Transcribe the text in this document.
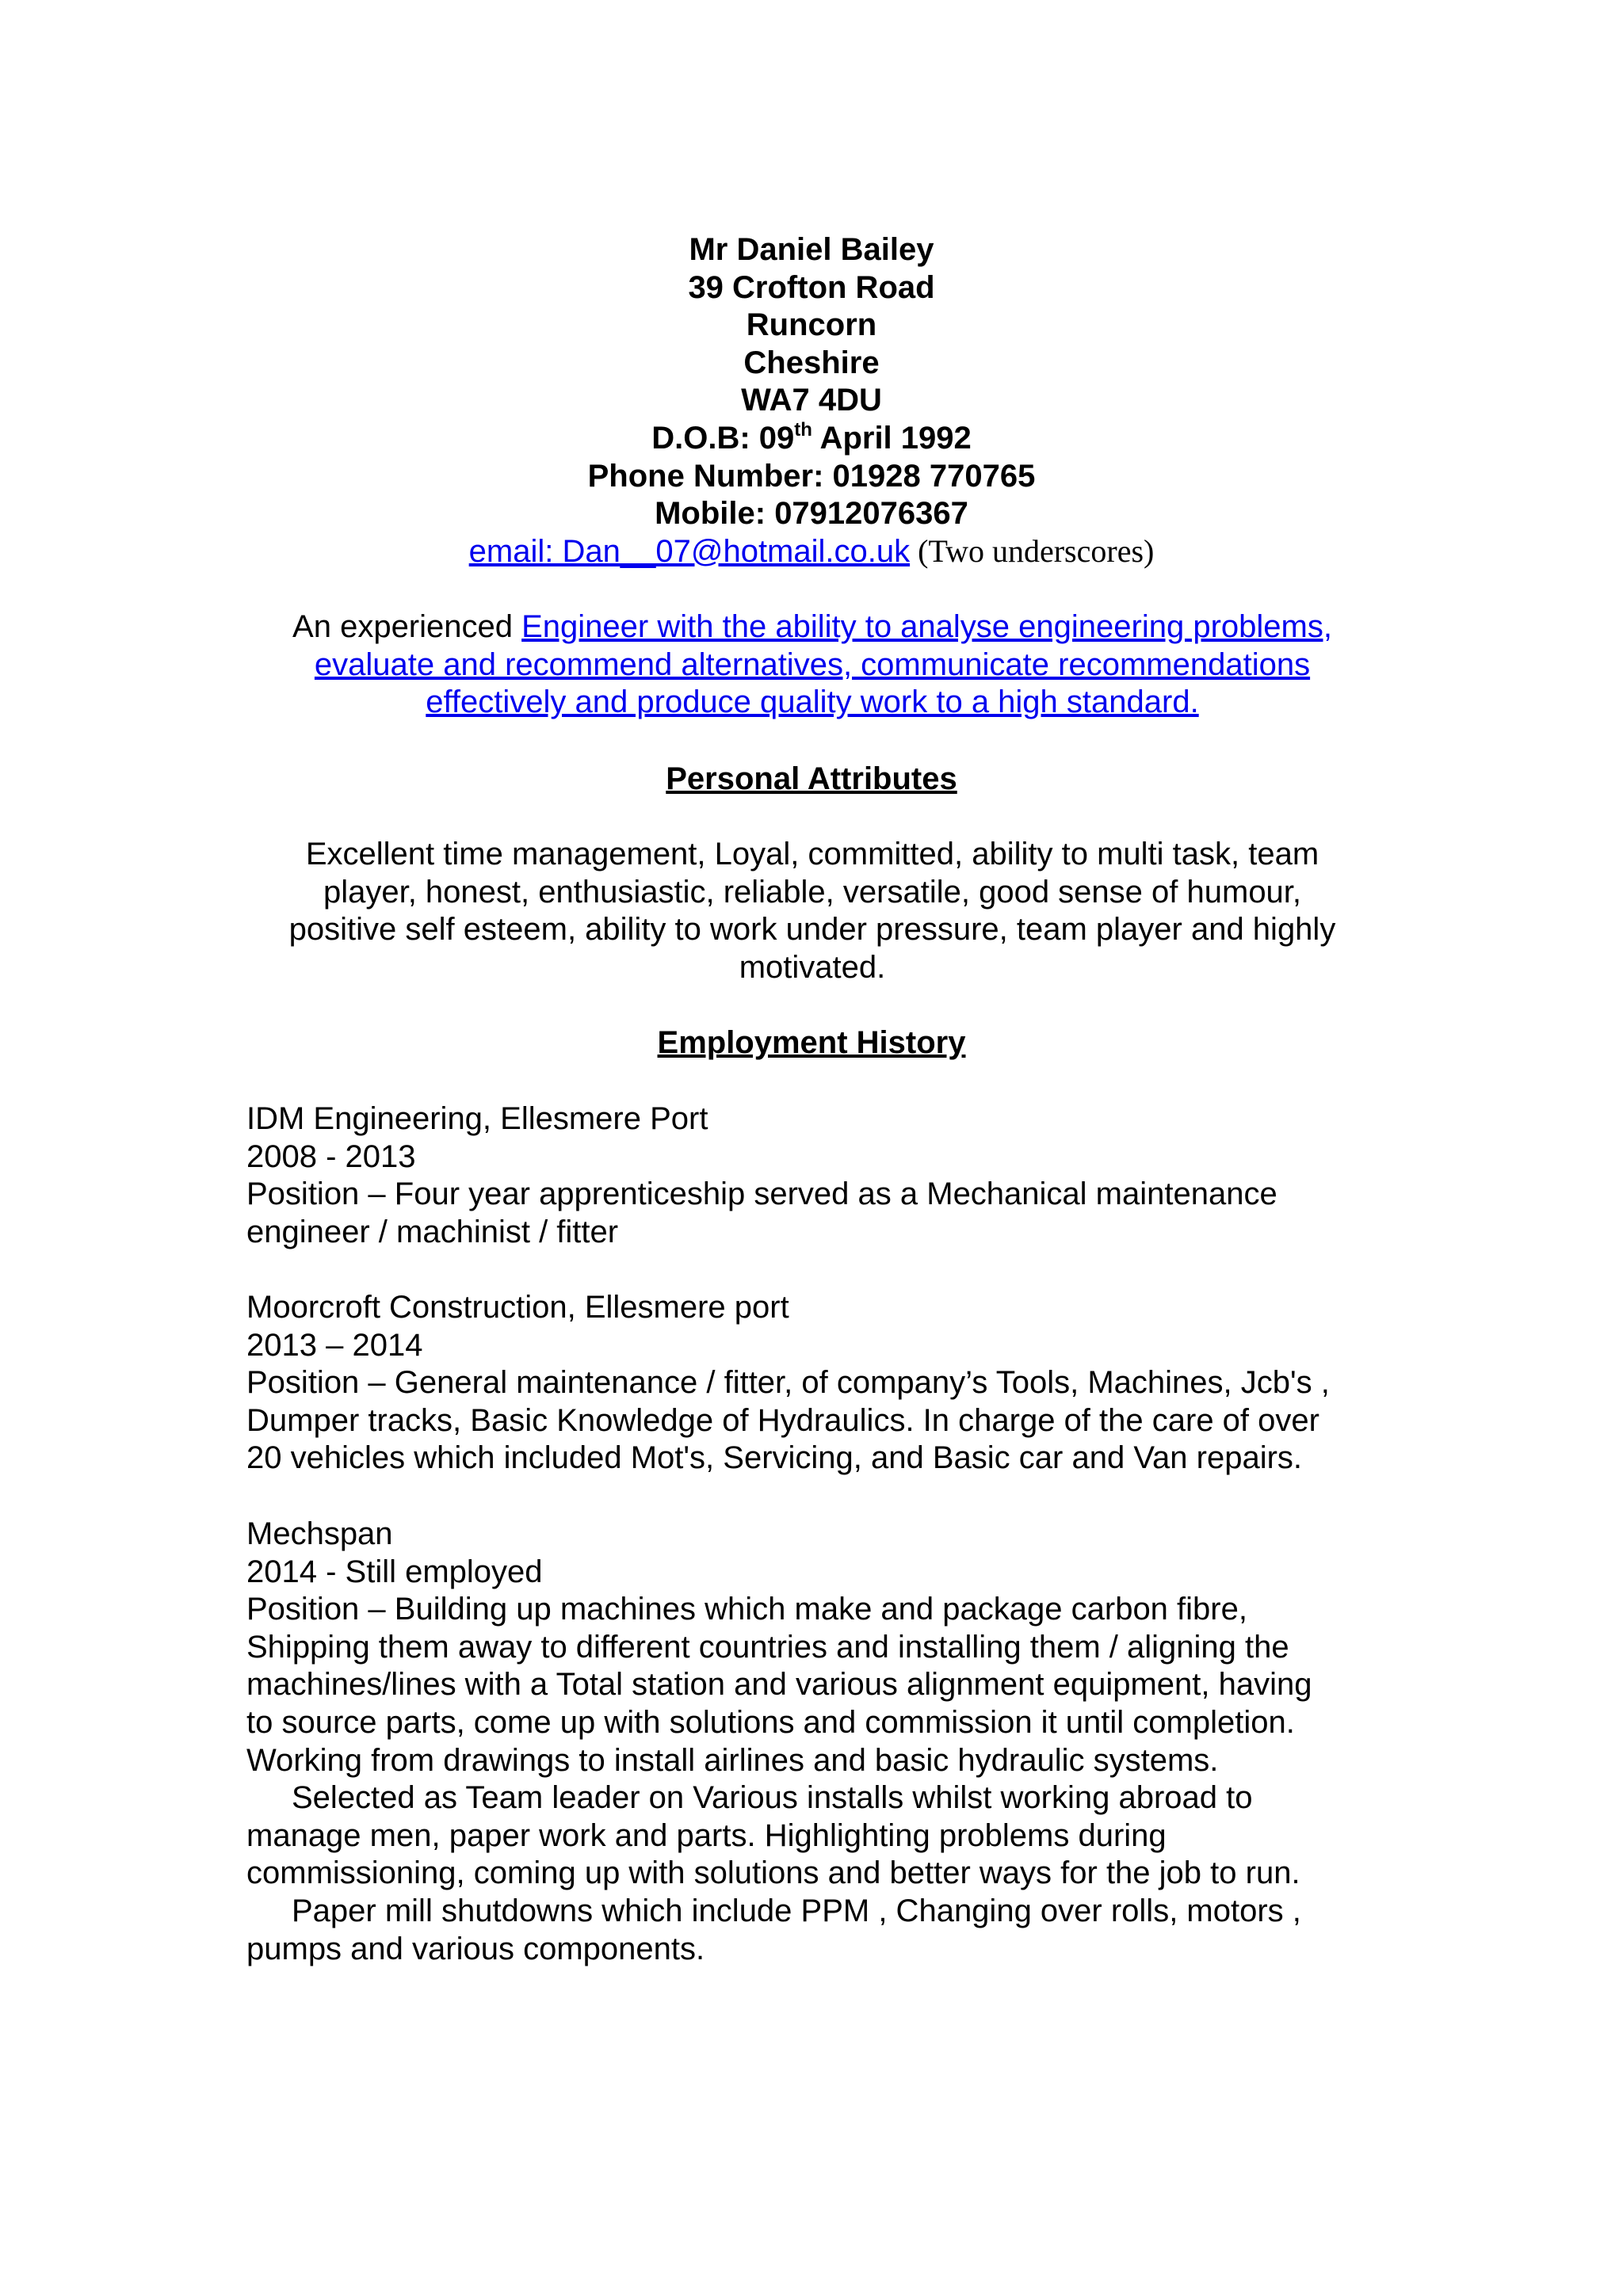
Mr Daniel Bailey
39 Crofton Road
Runcorn
Cheshire
WA7 4DU
D.O.B: 09th April 1992
Phone Number: 01928 770765
Mobile: 07912076367
email: Dan__07@hotmail.co.uk (Two underscores)
An experienced Engineer with the ability to analyse engineering problems,
evaluate and recommend alternatives, communicate recommendations
effectively and produce quality work to a high standard.
Personal Attributes
Excellent time management, Loyal, committed, ability to multi task, team
player, honest, enthusiastic, reliable, versatile, good sense of humour,
positive self esteem, ability to work under pressure, team player and highly
motivated.
Employment History
IDM Engineering, Ellesmere Port
2008 - 2013
Position – Four year apprenticeship served as a Mechanical maintenance
engineer / machinist / fitter
Moorcroft Construction, Ellesmere port
2013 – 2014
Position – General maintenance / fitter, of company’s Tools, Machines, Jcb's ,
Dumper tracks, Basic Knowledge of Hydraulics. In charge of the care of over
20 vehicles which included Mot's, Servicing, and Basic car and Van repairs.
Mechspan
2014 - Still employed
Position – Building up machines which make and package carbon fibre,
Shipping them away to different countries and installing them / aligning the
machines/lines with a Total station and various alignment equipment, having
to source parts, come up with solutions and commission it until completion.
Working from drawings to install airlines and basic hydraulic systems.
Selected as Team leader on Various installs whilst working abroad to
manage men, paper work and parts. Highlighting problems during
commissioning, coming up with solutions and better ways for the job to run.
Paper mill shutdowns which include PPM , Changing over rolls, motors ,
pumps and various components.
